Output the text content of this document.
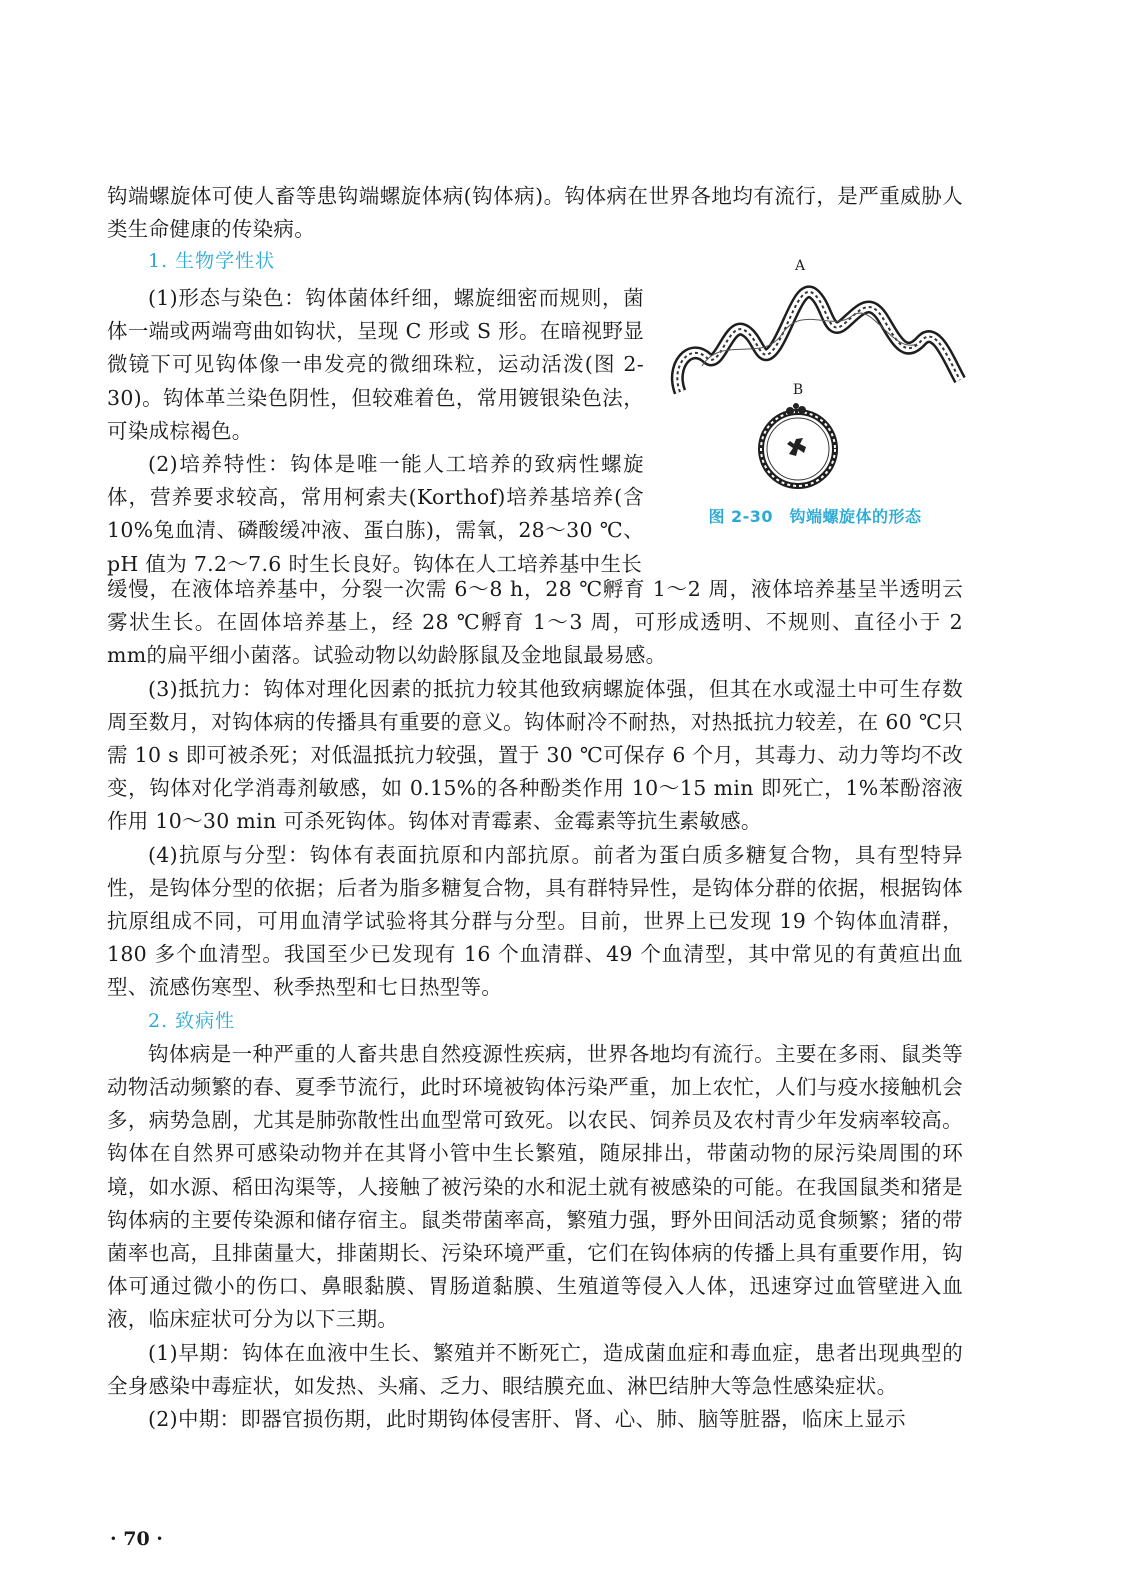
钩端螺旋体可使人畜等患钩端螺旋体病(钩体病)。钩体病在世界各地均有流行，是严重威胁人类生命健康的传染病。

1. 生物学性状

(1)形态与染色：钩体菌体纤细，螺旋细密而规则，菌体一端或两端弯曲如钩状，呈现 C 形或 S 形。在暗视野显微镜下可见钩体像一串发亮的微细珠粒，运动活泼(图 2-30)。钩体革兰染色阴性，但较难着色，常用镀银染色法，可染成棕褐色。

(2)培养特性：钩体是唯一能人工培养的致病性螺旋体，营养要求较高，常用柯索夫(Korthof)培养基培养(含10%兔血清、磷酸缓冲液、蛋白胨)，需氧，28～30 ℃、pH 值为 7.2～7.6 时生长良好。钩体在人工培养基中生长

缓慢，在液体培养基中，分裂一次需 6～8 h，28 ℃孵育 1～2 周，液体培养基呈半透明云雾状生长。在固体培养基上，经 28 ℃孵育 1～3 周，可形成透明、不规则、直径小于 2 mm的扁平细小菌落。试验动物以幼龄豚鼠及金地鼠最易感。

(3)抵抗力：钩体对理化因素的抵抗力较其他致病螺旋体强，但其在水或湿土中可生存数周至数月，对钩体病的传播具有重要的意义。钩体耐冷不耐热，对热抵抗力较差，在 60 ℃只需 10 s 即可被杀死；对低温抵抗力较强，置于 30 ℃可保存 6 个月，其毒力、动力等均不改变，钩体对化学消毒剂敏感，如 0.15%的各种酚类作用 10～15 min 即死亡，1%苯酚溶液作用 10～30 min 可杀死钩体。钩体对青霉素、金霉素等抗生素敏感。

(4)抗原与分型：钩体有表面抗原和内部抗原。前者为蛋白质多糖复合物，具有型特异性，是钩体分型的依据；后者为脂多糖复合物，具有群特异性，是钩体分群的依据，根据钩体抗原组成不同，可用血清学试验将其分群与分型。目前，世界上已发现 19 个钩体血清群，180 多个血清型。我国至少已发现有 16 个血清群、49 个血清型，其中常见的有黄疸出血型、流感伤寒型、秋季热型和七日热型等。

2. 致病性

钩体病是一种严重的人畜共患自然疫源性疾病，世界各地均有流行。主要在多雨、鼠类等动物活动频繁的春、夏季节流行，此时环境被钩体污染严重，加上农忙，人们与疫水接触机会多，病势急剧，尤其是肺弥散性出血型常可致死。以农民、饲养员及农村青少年发病率较高。钩体在自然界可感染动物并在其肾小管中生长繁殖，随尿排出，带菌动物的尿污染周围的环境，如水源、稻田沟渠等，人接触了被污染的水和泥土就有被感染的可能。在我国鼠类和猪是钩体病的主要传染源和储存宿主。鼠类带菌率高，繁殖力强，野外田间活动觅食频繁；猪的带菌率也高，且排菌量大，排菌期长、污染环境严重，它们在钩体病的传播上具有重要作用，钩体可通过微小的伤口、鼻眼黏膜、胃肠道黏膜、生殖道等侵入人体，迅速穿过血管壁进入血液，临床症状可分为以下三期。

(1)早期：钩体在血液中生长、繁殖并不断死亡，造成菌血症和毒血症，患者出现典型的全身感染中毒症状，如发热、头痛、乏力、眼结膜充血、淋巴结肿大等急性感染症状。

(2)中期：即器官损伤期，此时期钩体侵害肝、肾、心、肺、脑等脏器，临床上显示

A
B
图 2-30　钩端螺旋体的形态
· 70 ·
